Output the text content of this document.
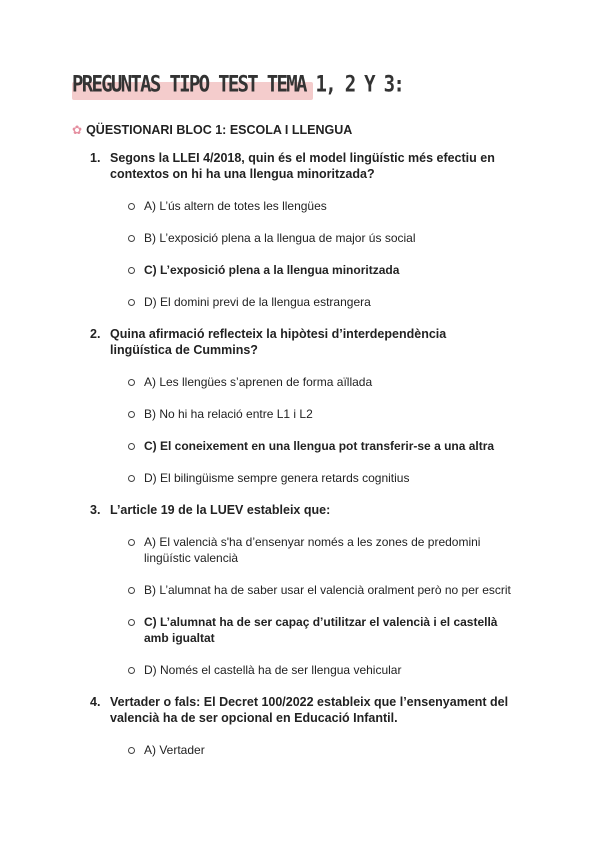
PREGUNTAS TIPO TEST TEMA 1, 2 Y 3:
✿ QÜESTIONARI BLOC 1: ESCOLA I LLENGUA
1. Segons la LLEI 4/2018, quin és el model lingüístic més efectiu en contextos on hi ha una llengua minoritzada?
A) L’ús altern de totes les llengües
B) L’exposició plena a la llengua de major ús social
C) L’exposició plena a la llengua minoritzada
D) El domini previ de la llengua estrangera
2. Quina afirmació reflecteix la hipòtesi d’interdependència lingüística de Cummins?
A) Les llengües s’aprenen de forma aïllada
B) No hi ha relació entre L1 i L2
C) El coneixement en una llengua pot transferir-se a una altra
D) El bilingüisme sempre genera retards cognitius
3. L’article 19 de la LUEV estableix que:
A) El valencià s'ha d’ensenyar només a les zones de predomini lingüístic valencià
B) L’alumnat ha de saber usar el valencià oralment però no per escrit
C) L’alumnat ha de ser capaç d’utilitzar el valencià i el castellà amb igualtat
D) Només el castellà ha de ser llengua vehicular
4. Vertader o fals: El Decret 100/2022 estableix que l’ensenyament del valencià ha de ser opcional en Educació Infantil.
A) Vertader
